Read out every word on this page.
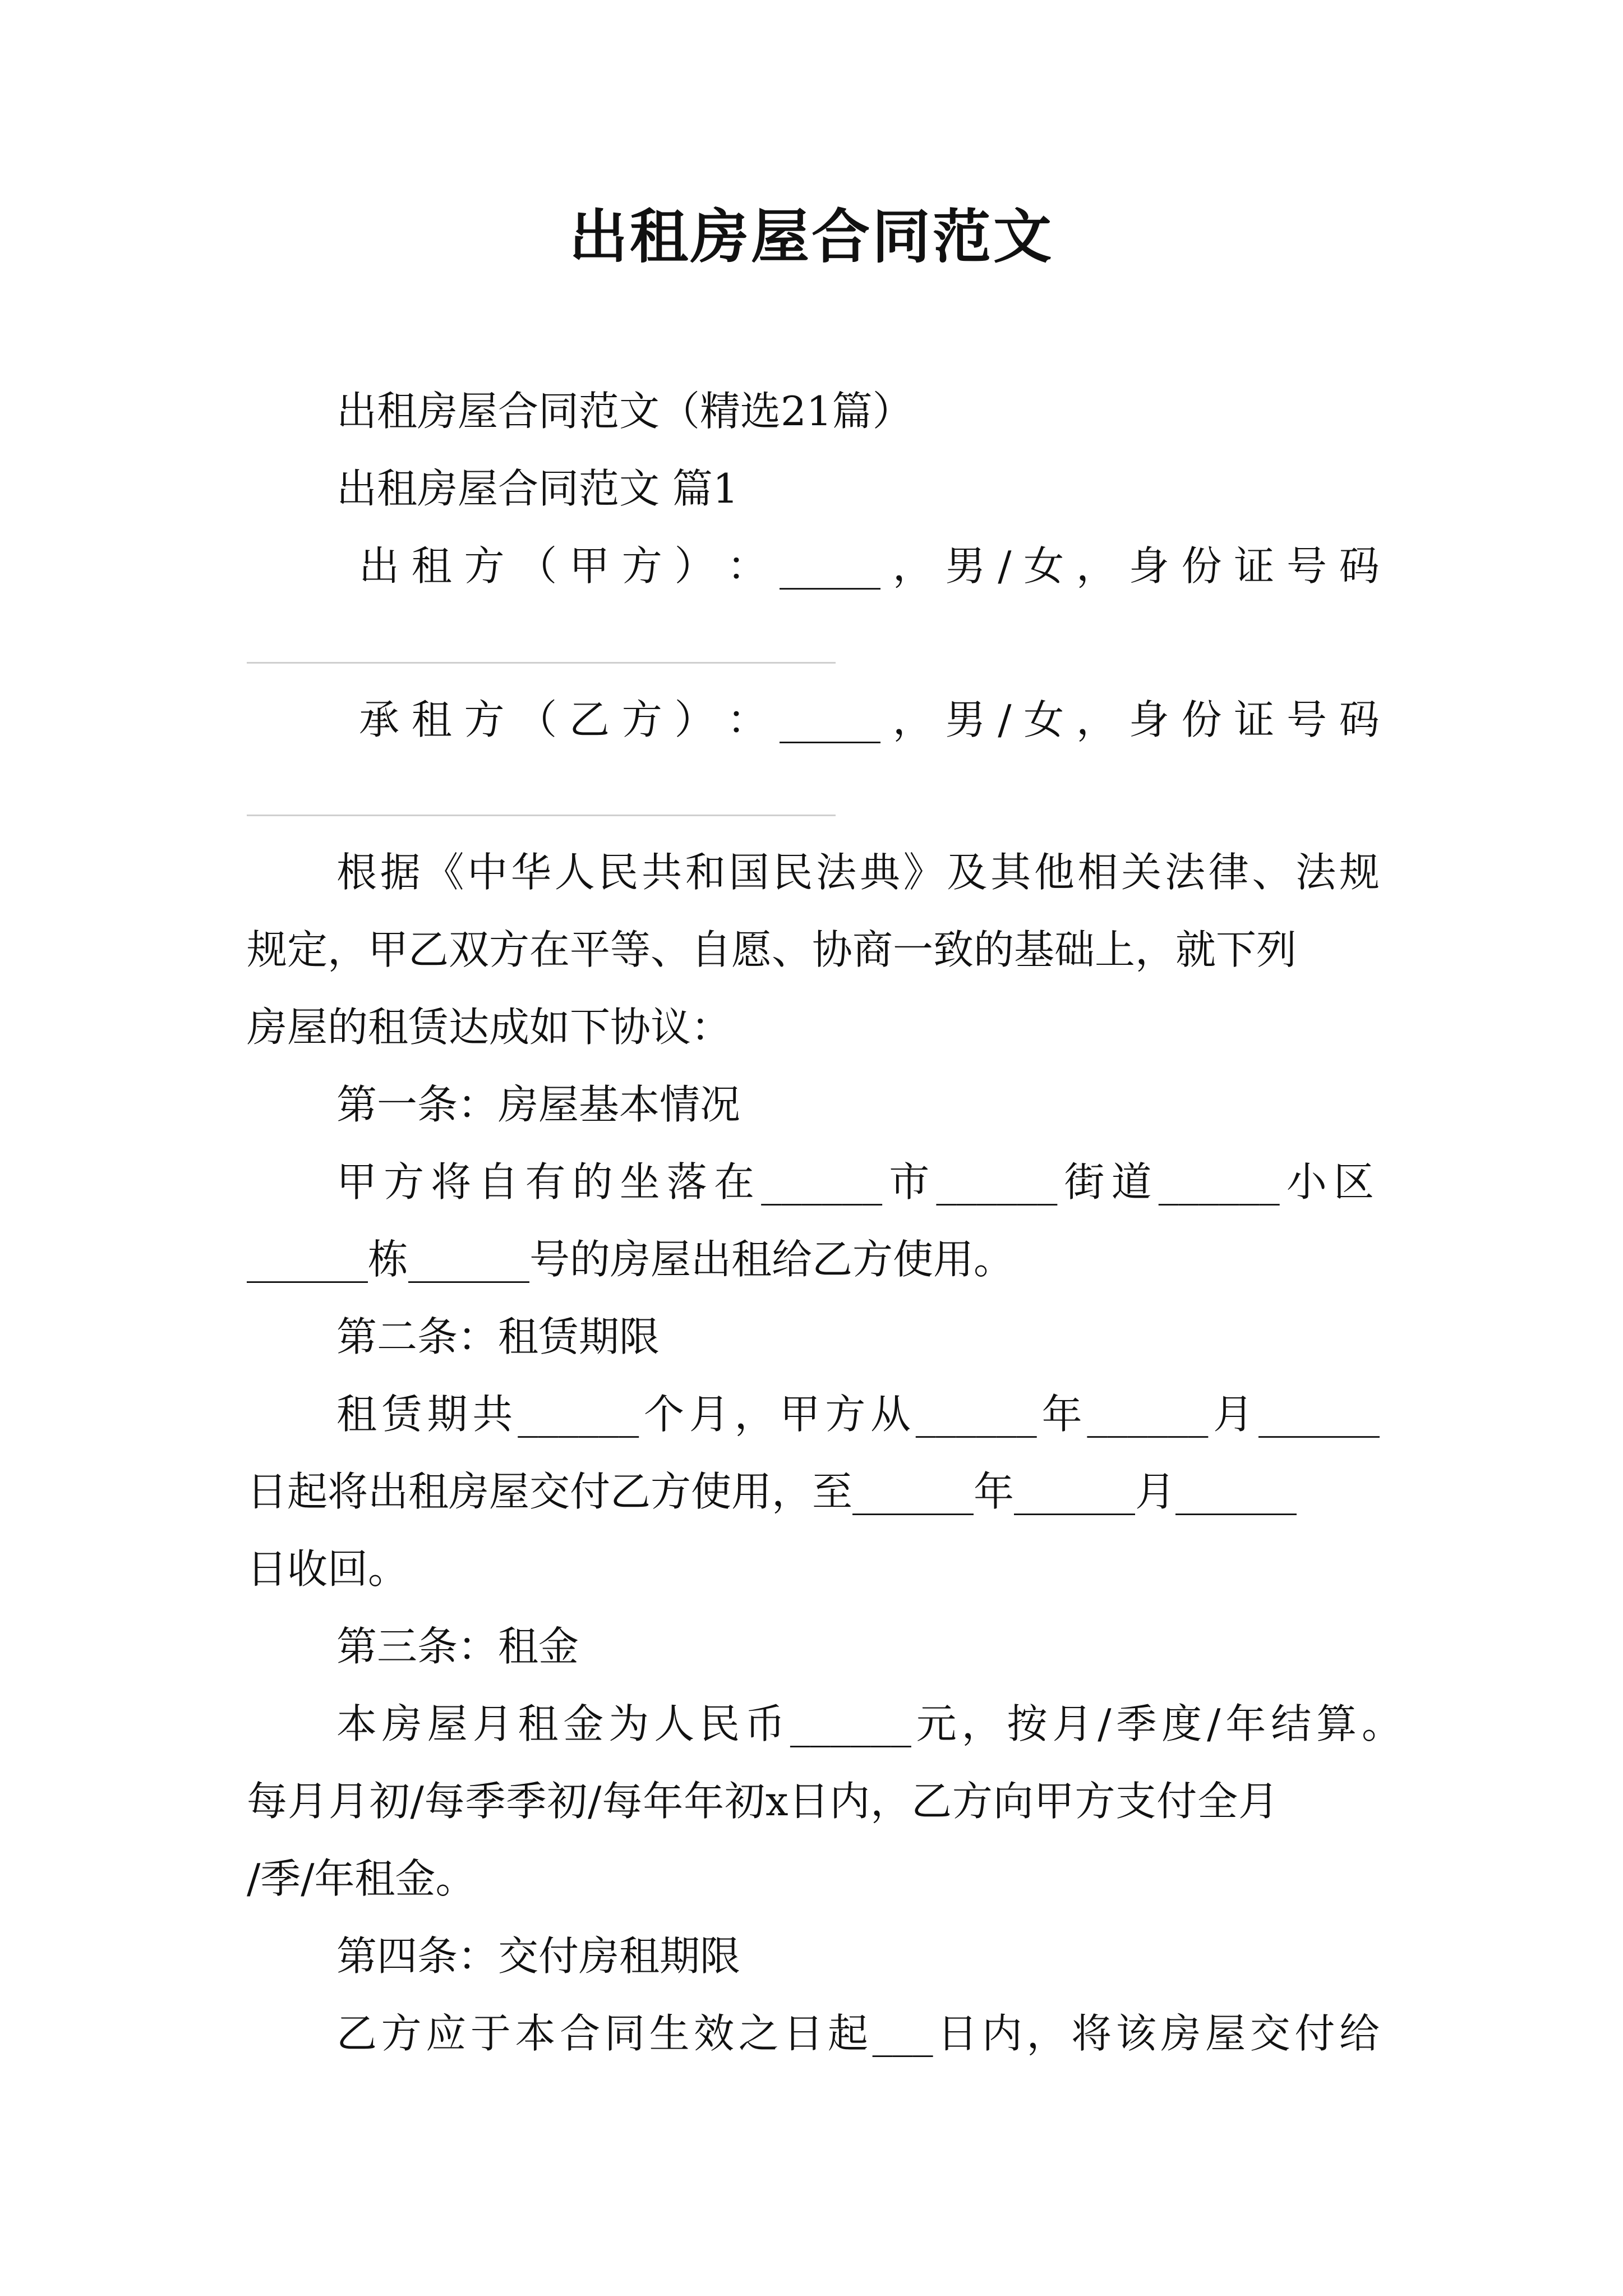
出租房屋合同范文
出租房屋合同范文（精选21篇）
出租房屋合同范文 篇1
出 租 方 （ 甲 方 ） ： _____ ， 男 / 女 ， 身 份 证 号 码
承 租 方 （ 乙 方 ） ： _____ ， 男 / 女 ， 身 份 证 号 码
根据《中华人民共和国民法典》及其他相关法律、法规
规定，甲乙双方在平等、自愿、协商一致的基础上，就下列
房屋的租赁达成如下协议：
第一条：房屋基本情况
甲方将自有的坐落在______市______街道______小区
______栋______号的房屋出租给乙方使用。
第二条：租赁期限
租赁期共______个月，甲方从______年______月______
日起将出租房屋交付乙方使用，至______年______月______
日收回。
第三条：租金
本房屋月租金为人民币______元，按月/季度/年结算。
每月月初/每季季初/每年年初x日内，乙方向甲方支付全月
/季/年租金。
第四条：交付房租期限
乙方应于本合同生效之日起___日内，将该房屋交付给
